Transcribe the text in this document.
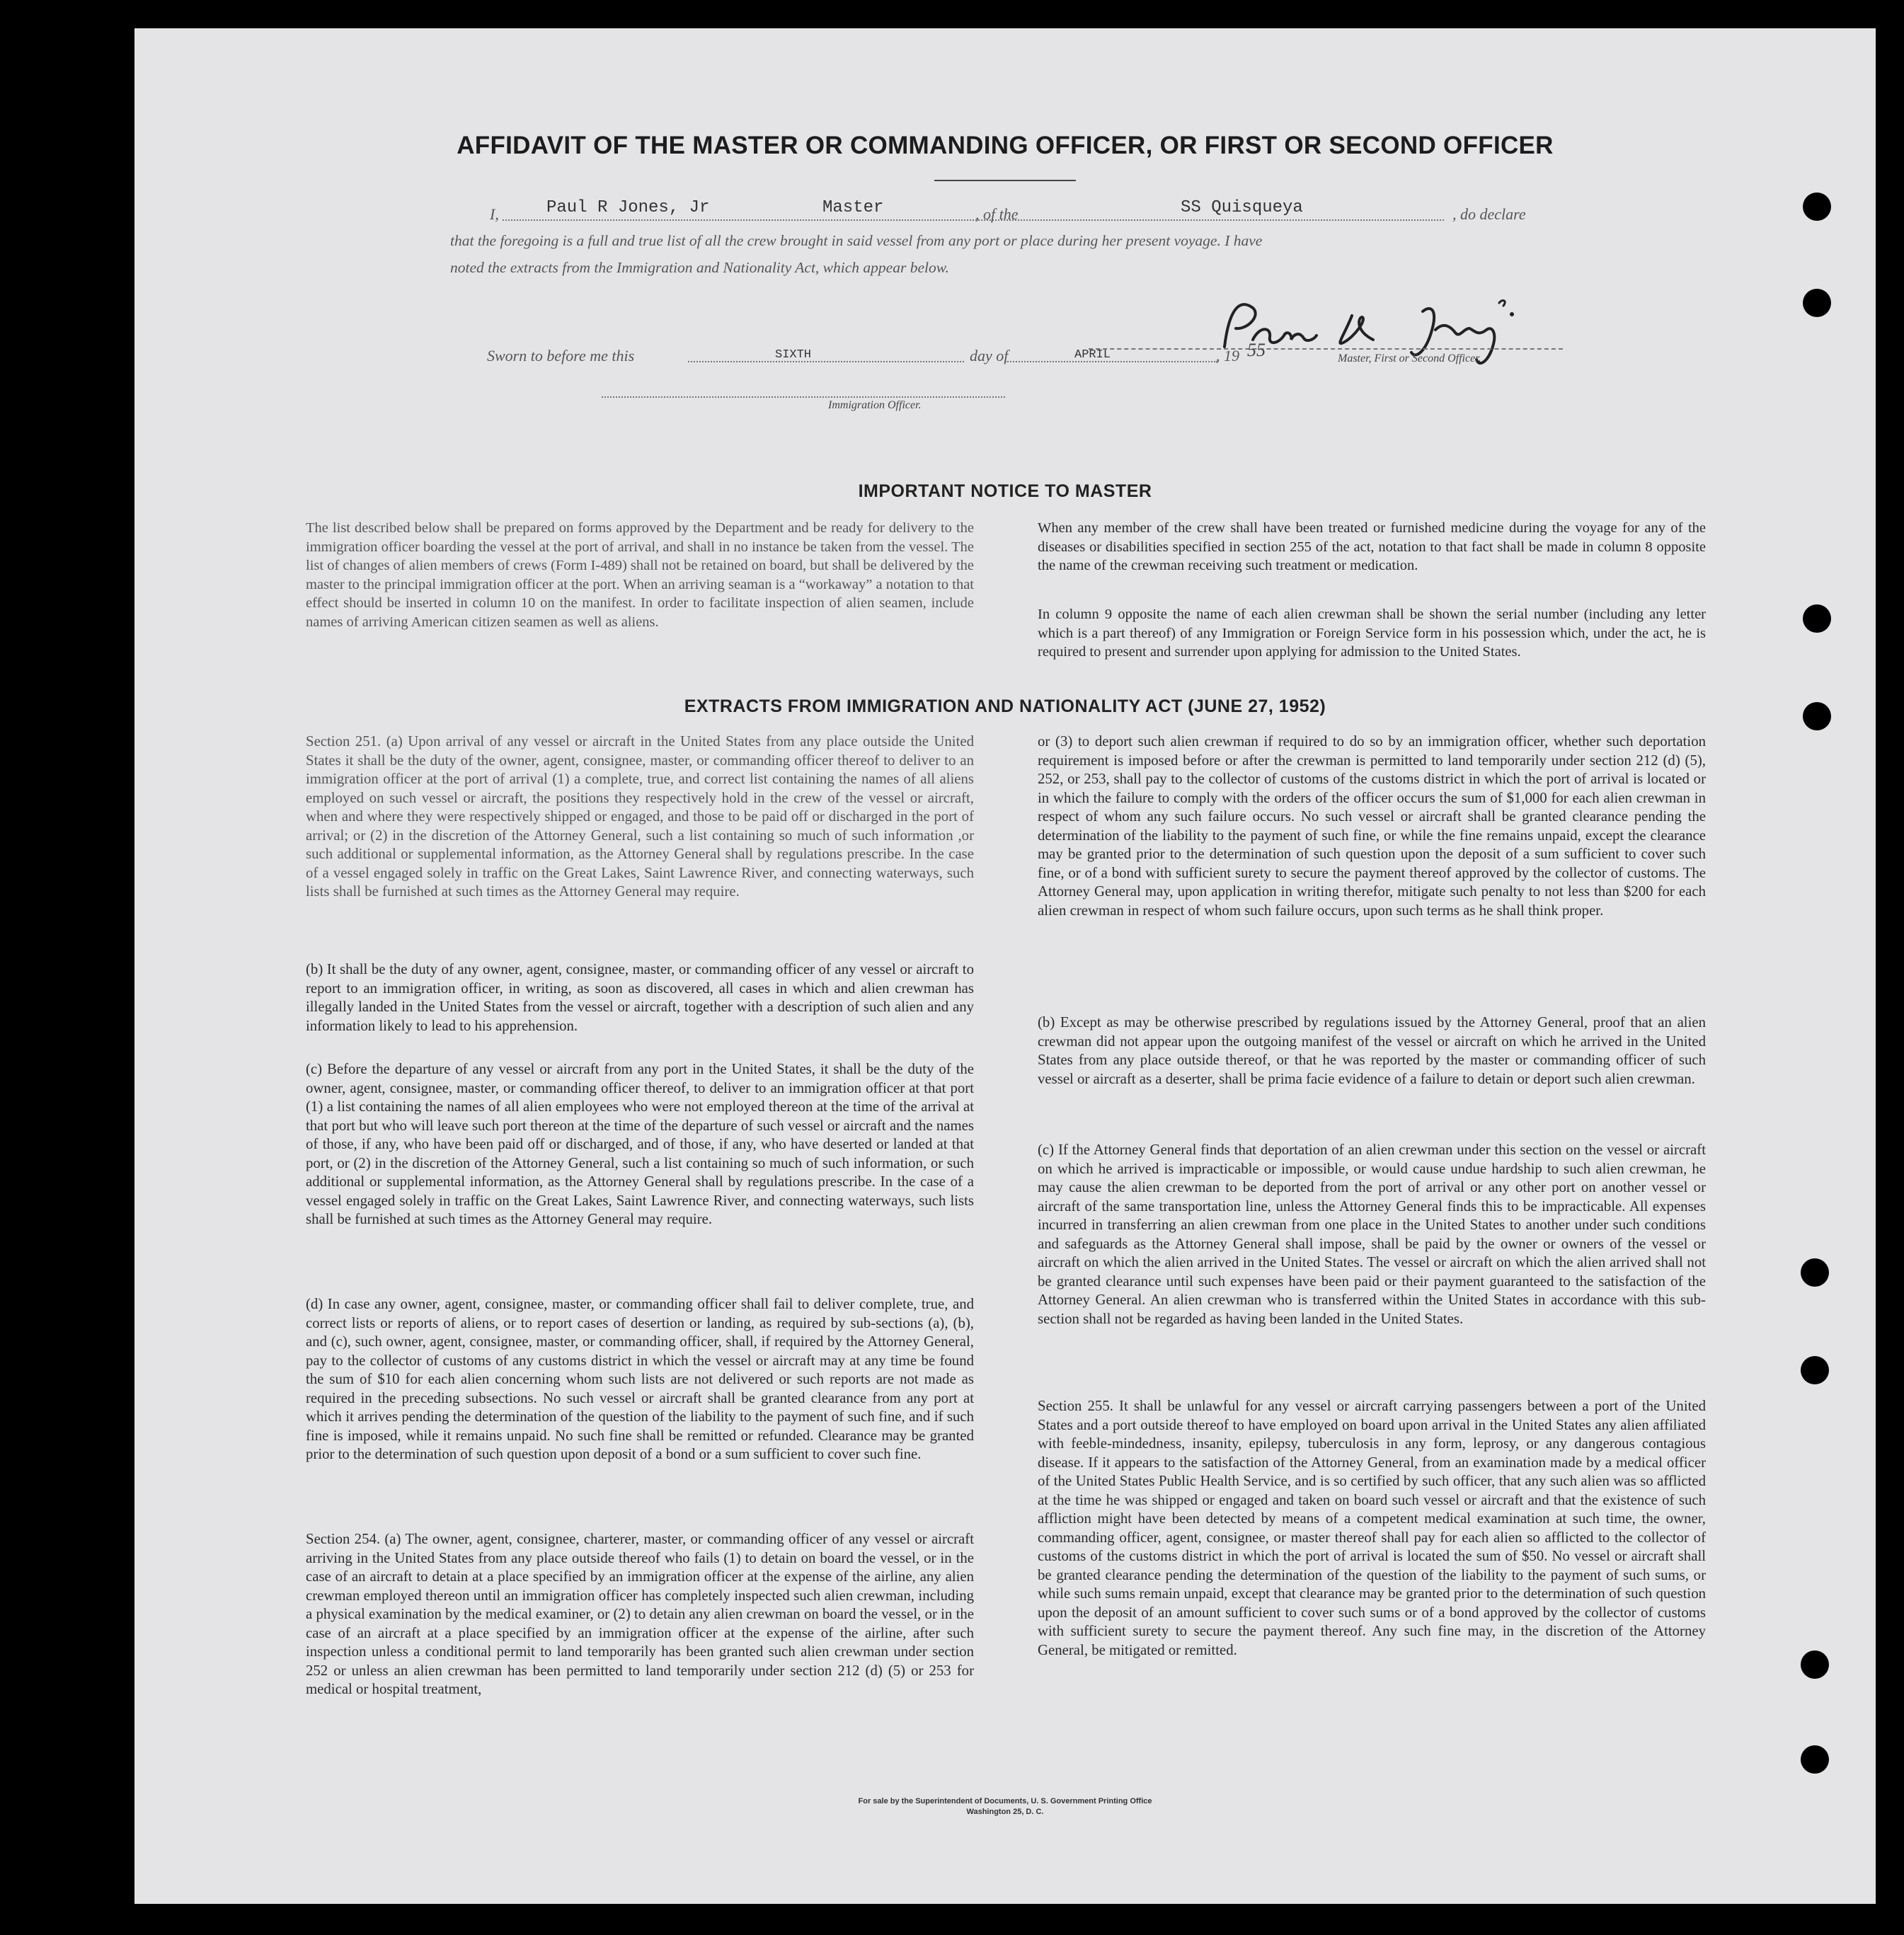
AFFIDAVIT OF THE MASTER OR COMMANDING OFFICER, OR FIRST OR SECOND OFFICER
I,	Paul R Jones, Jr	Master	, of the	SS Quisqueya	, do declare
that the foregoing is a full and true list of all the crew brought in said vessel from any port or place during her present voyage. I have
noted the extracts from the Immigration and Nationality Act, which appear below.
Master, First or Second Officer.
Sworn to before me this	SIXTH	day of	APRIL	, 19 55
Immigration Officer.
IMPORTANT NOTICE TO MASTER

The list described below shall be prepared on forms approved by the Department and be ready for delivery to the immigration officer boarding the vessel at the port of arrival, and shall in no instance be taken from the vessel. The list of changes of alien members of crews (Form I-489) shall not be retained on board, but shall be delivered by the master to the principal immigration officer at the port. When an arriving seaman is a “workaway” a notation to that effect should be inserted in column 10 on the manifest. In order to facilitate inspection of alien seamen, include names of arriving American citizen seamen as well as aliens.

When any member of the crew shall have been treated or furnished medicine during the voyage for any of the diseases or disabilities specified in section 255 of the act, notation to that fact shall be made in column 8 opposite the name of the crewman receiving such treatment or medication.

In column 9 opposite the name of each alien crewman shall be shown the serial number (including any letter which is a part thereof) of any Immigration or Foreign Service form in his possession which, under the act, he is required to present and surrender upon applying for admission to the United States.

EXTRACTS FROM IMMIGRATION AND NATIONALITY ACT (JUNE 27, 1952)

Section 251. (a) Upon arrival of any vessel or aircraft in the United States from any place outside the United States it shall be the duty of the owner, agent, consignee, master, or commanding officer thereof to deliver to an immigration officer at the port of arrival (1) a complete, true, and correct list containing the names of all aliens employed on such vessel or aircraft, the positions they respectively hold in the crew of the vessel or aircraft, when and where they were respectively shipped or engaged, and those to be paid off or discharged in the port of arrival; or (2) in the discretion of the Attorney General, such a list containing so much of such information ,or such additional or supplemental information, as the Attorney General shall by regulations prescribe. In the case of a vessel engaged solely in traffic on the Great Lakes, Saint Lawrence River, and connecting waterways, such lists shall be furnished at such times as the Attorney General may require.

(b) It shall be the duty of any owner, agent, consignee, master, or commanding officer of any vessel or aircraft to report to an immigration officer, in writing, as soon as discovered, all cases in which and alien crewman has illegally landed in the United States from the vessel or aircraft, together with a description of such alien and any information likely to lead to his apprehension.

(c) Before the departure of any vessel or aircraft from any port in the United States, it shall be the duty of the owner, agent, consignee, master, or commanding officer thereof, to deliver to an immigration officer at that port (1) a list containing the names of all alien employees who were not employed thereon at the time of the arrival at that port but who will leave such port thereon at the time of the departure of such vessel or aircraft and the names of those, if any, who have been paid off or discharged, and of those, if any, who have deserted or landed at that port, or (2) in the discretion of the Attorney General, such a list containing so much of such information, or such additional or supplemental information, as the Attorney General shall by regulations prescribe. In the case of a vessel engaged solely in traffic on the Great Lakes, Saint Lawrence River, and connecting waterways, such lists shall be furnished at such times as the Attorney General may require.

(d) In case any owner, agent, consignee, master, or commanding officer shall fail to deliver complete, true, and correct lists or reports of aliens, or to report cases of desertion or landing, as required by sub-sections (a), (b), and (c), such owner, agent, consignee, master, or commanding officer, shall, if required by the Attorney General, pay to the collector of customs of any customs district in which the vessel or aircraft may at any time be found the sum of $10 for each alien concerning whom such lists are not delivered or such reports are not made as required in the preceding subsections. No such vessel or aircraft shall be granted clearance from any port at which it arrives pending the determination of the question of the liability to the payment of such fine, and if such fine is imposed, while it remains unpaid. No such fine shall be remitted or refunded. Clearance may be granted prior to the determination of such question upon deposit of a bond or a sum sufficient to cover such fine.

Section 254. (a) The owner, agent, consignee, charterer, master, or commanding officer of any vessel or aircraft arriving in the United States from any place outside thereof who fails (1) to detain on board the vessel, or in the case of an aircraft to detain at a place specified by an immigration officer at the expense of the airline, any alien crewman employed thereon until an immigration officer has completely inspected such alien crewman, including a physical examination by the medical examiner, or (2) to detain any alien crewman on board the vessel, or in the case of an aircraft at a place specified by an immigration officer at the expense of the airline, after such inspection unless a conditional permit to land temporarily has been granted such alien crewman under section 252 or unless an alien crewman has been permitted to land temporarily under section 212 (d) (5) or 253 for medical or hospital treatment,

or (3) to deport such alien crewman if required to do so by an immigration officer, whether such deportation requirement is imposed before or after the crewman is permitted to land temporarily under section 212 (d) (5), 252, or 253, shall pay to the collector of customs of the customs district in which the port of arrival is located or in which the failure to comply with the orders of the officer occurs the sum of $1,000 for each alien crewman in respect of whom any such failure occurs. No such vessel or aircraft shall be granted clearance pending the determination of the liability to the payment of such fine, or while the fine remains unpaid, except the clearance may be granted prior to the determination of such question upon the deposit of a sum sufficient to cover such fine, or of a bond with sufficient surety to secure the payment thereof approved by the collector of customs. The Attorney General may, upon application in writing therefor, mitigate such penalty to not less than $200 for each alien crewman in respect of whom such failure occurs, upon such terms as he shall think proper.

(b) Except as may be otherwise prescribed by regulations issued by the Attorney General, proof that an alien crewman did not appear upon the outgoing manifest of the vessel or aircraft on which he arrived in the United States from any place outside thereof, or that he was reported by the master or commanding officer of such vessel or aircraft as a deserter, shall be prima facie evidence of a failure to detain or deport such alien crewman.

(c) If the Attorney General finds that deportation of an alien crewman under this section on the vessel or aircraft on which he arrived is impracticable or impossible, or would cause undue hardship to such alien crewman, he may cause the alien crewman to be deported from the port of arrival or any other port on another vessel or aircraft of the same transportation line, unless the Attorney General finds this to be impracticable. All expenses incurred in transferring an alien crewman from one place in the United States to another under such conditions and safeguards as the Attorney General shall impose, shall be paid by the owner or owners of the vessel or aircraft on which the alien arrived in the United States. The vessel or aircraft on which the alien arrived shall not be granted clearance until such expenses have been paid or their payment guaranteed to the satisfaction of the Attorney General. An alien crewman who is transferred within the United States in accordance with this sub-section shall not be regarded as having been landed in the United States.

Section 255. It shall be unlawful for any vessel or aircraft carrying passengers between a port of the United States and a port outside thereof to have employed on board upon arrival in the United States any alien affiliated with feeble-mindedness, insanity, epilepsy, tuberculosis in any form, leprosy, or any dangerous contagious disease. If it appears to the satisfaction of the Attorney General, from an examination made by a medical officer of the United States Public Health Service, and is so certified by such officer, that any such alien was so afflicted at the time he was shipped or engaged and taken on board such vessel or aircraft and that the existence of such affliction might have been detected by means of a competent medical examination at such time, the owner, commanding officer, agent, consignee, or master thereof shall pay for each alien so afflicted to the collector of customs of the customs district in which the port of arrival is located the sum of $50. No vessel or aircraft shall be granted clearance pending the determination of the question of the liability to the payment of such sums, or while such sums remain unpaid, except that clearance may be granted prior to the determination of such question upon the deposit of an amount sufficient to cover such sums or of a bond approved by the collector of customs with sufficient surety to secure the payment thereof. Any such fine may, in the discretion of the Attorney General, be mitigated or remitted.

For sale by the Superintendent of Documents, U. S. Government Printing Office
Washington 25, D. C.
